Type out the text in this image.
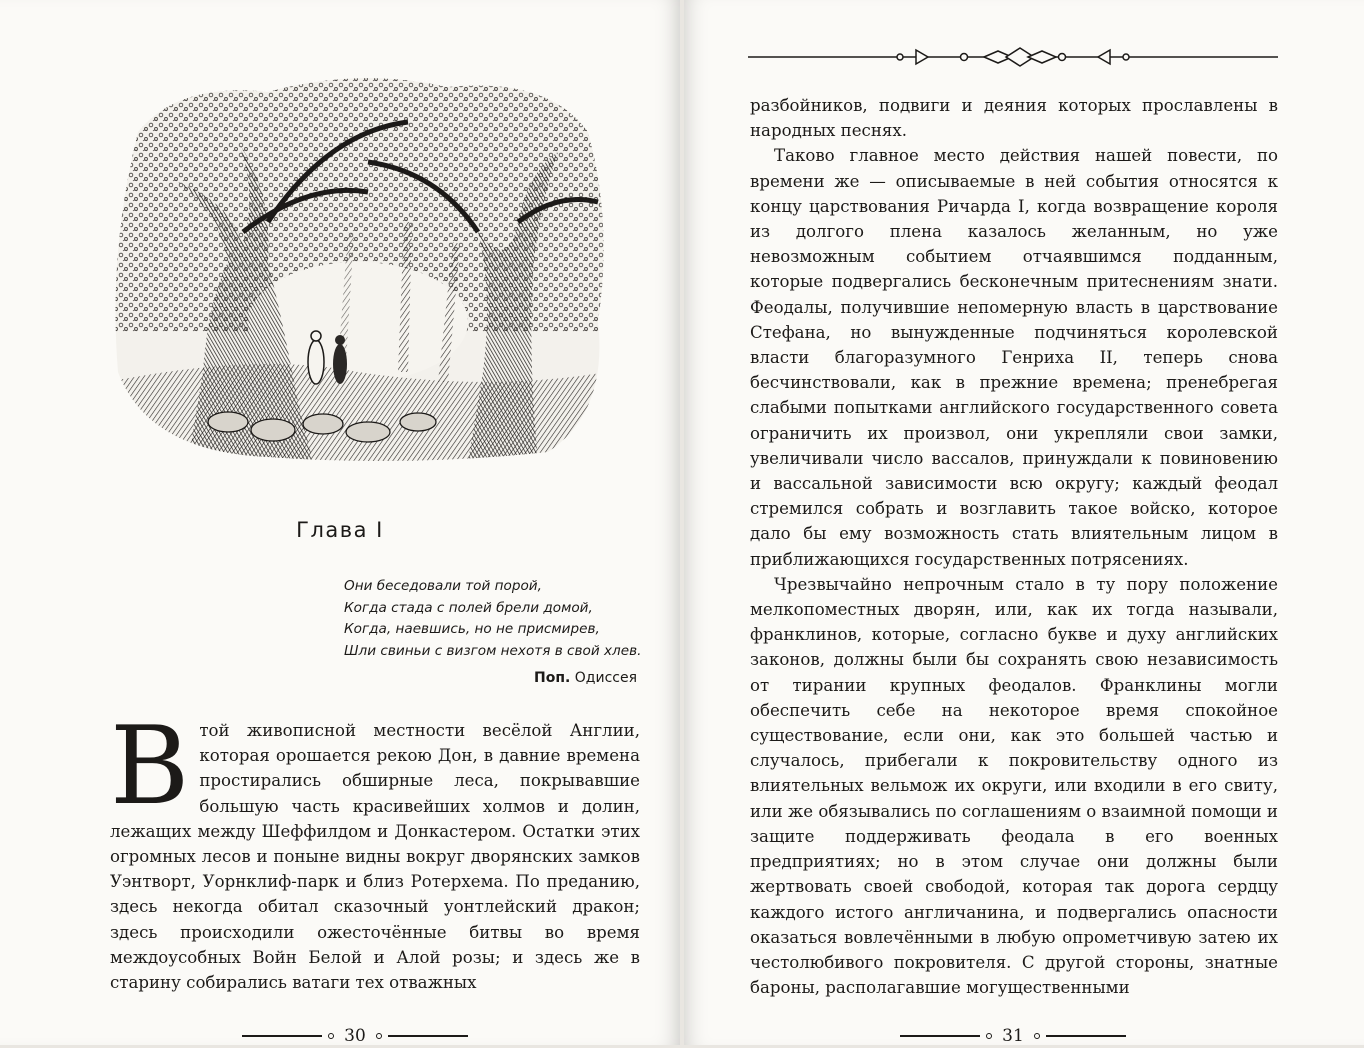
Глава I
Они беседовали той порой,
Когда стада с полей брели домой,
Когда, наевшись, но не присмирев,
Шли свиньи с визгом нехотя в свой хлев.
Поп. Одиссея
В той живописной местности весёлой Англии, которая орошается рекою Дон, в давние времена простирались обширные леса, покрывавшие большую часть красивейших холмов и долин, лежащих между Шеффилдом и Донкастером. Остатки этих огромных лесов и поныне видны вокруг дворянских замков Уэнтворт, Уорнклиф-парк и близ Ротерхема. По преданию, здесь некогда обитал сказочный уонтлейский дракон; здесь происходили ожесточённые битвы во время междоусобных Войн Белой и Алой розы; и здесь же в старину собирались ватаги тех отважных

30

разбойников, подвиги и деяния которых прославлены в народных песнях.

Таково главное место действия нашей повести, по времени же — описываемые в ней события относятся к концу царствования Ричарда I, когда возвращение короля из долгого плена казалось желанным, но уже невозможным событием отчаявшимся подданным, которые подвергались бесконечным притеснениям знати. Феодалы, получившие непомерную власть в царствование Стефана, но вынужденные подчиняться королевской власти благоразумного Генриха II, теперь снова бесчинствовали, как в прежние времена; пренебрегая слабыми попытками английского государственного совета ограничить их произвол, они укрепляли свои замки, увеличивали число вассалов, принуждали к повиновению и вассальной зависимости всю округу; каждый феодал стремился собрать и возглавить такое войско, которое дало бы ему возможность стать влиятельным лицом в приближающихся государственных потрясениях.

Чрезвычайно непрочным стало в ту пору положение мелкопоместных дворян, или, как их тогда называли, франклинов, которые, согласно букве и духу английских законов, должны были бы сохранять свою независимость от тирании крупных феодалов. Франклины могли обеспечить себе на некоторое время спокойное существование, если они, как это большей частью и случалось, прибегали к покровительству одного из влиятельных вельмож их округи, или входили в его свиту, или же обязывались по соглашениям о взаимной помощи и защите поддерживать феодала в его военных предприятиях; но в этом случае они должны были жертвовать своей свободой, которая так дорога сердцу каждого истого англичанина, и подвергались опасности оказаться вовлечёнными в любую опрометчивую затею их честолюбивого покровителя. С другой стороны, знатные бароны, располагавшие могущественными

31
